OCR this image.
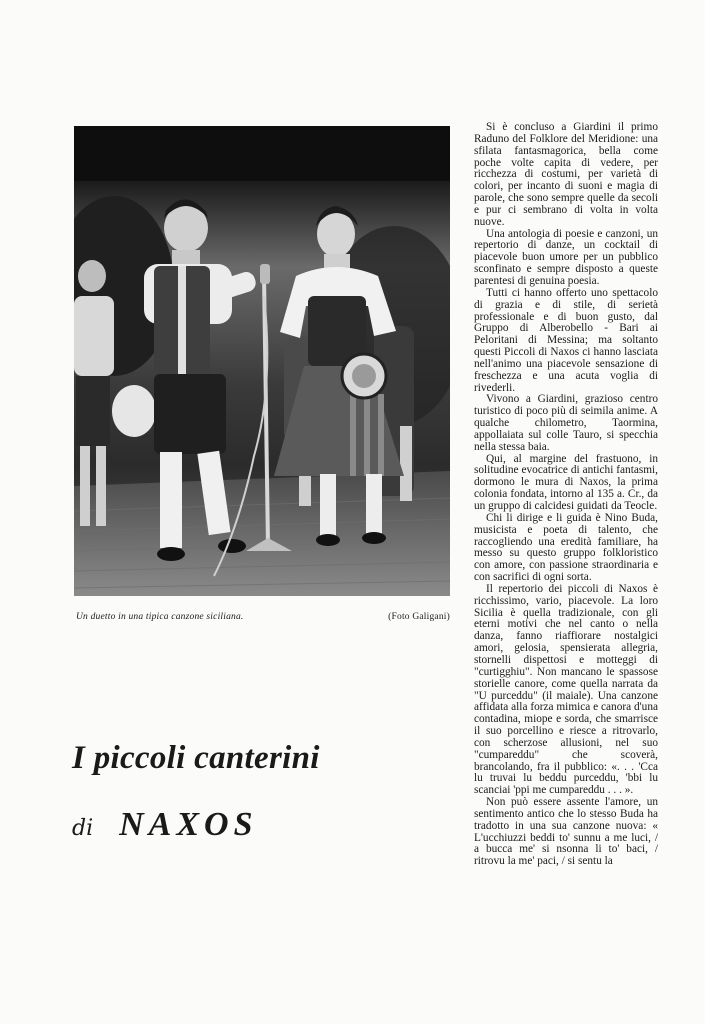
Un duetto in una tipica canzone siciliana.	(Foto Galigani)
I piccoli canterini
di NAXOS

Si è concluso a Giardini il primo Raduno del Folklore del Meridione: una sfilata fantasmagorica, bella come poche volte capita di vedere, per ricchezza di costumi, per varietà di colori, per incanto di suoni e magia di parole, che sono sempre quelle da secoli e pur ci sembrano di volta in volta nuove.

Una antologia di poesie e canzoni, un repertorio di danze, un cocktail di piacevole buon umore per un pubblico sconfinato e sempre disposto a queste parentesi di genuina poesia.

Tutti ci hanno offerto uno spettacolo di grazia e di stile, di serietà professionale e di buon gusto, dal Gruppo di Alberobello - Bari ai Peloritani di Messina; ma soltanto questi Piccoli di Naxos ci hanno lasciata nell'animo una piacevole sensazione di freschezza e una acuta voglia di rivederli.

Vivono a Giardini, grazioso centro turistico di poco più di seimila anime. A qualche chilometro, Taormina, appollaiata sul colle Tauro, si specchia nella stessa baia.

Qui, al margine del frastuono, in solitudine evocatrice di antichi fantasmi, dormono le mura di Naxos, la prima colonia fondata, intorno al 135 a. Cr., da un gruppo di calcidesi guidati da Teocle.

Chi li dirige e li guida è Nino Buda, musicista e poeta di talento, che raccogliendo una eredità familiare, ha messo su questo gruppo folkloristico con amore, con passione straordinaria e con sacrifici di ogni sorta.

Il repertorio dei piccoli di Naxos è ricchissimo, vario, piacevole. La loro Sicilia è quella tradizionale, con gli eterni motivi che nel canto o nella danza, fanno riaffiorare nostalgici amori, gelosia, spensierata allegria, stornelli dispettosi e motteggi di "curtigghiu". Non mancano le spassose storielle canore, come quella narrata da "U purceddu" (il maiale). Una canzone affidata alla forza mimica e canora d'una contadina, miope e sorda, che smarrisce il suo porcellino e riesce a ritrovarlo, con scherzose allusioni, nel suo "cumpareddu" che scoverà, brancolando, fra il pubblico: «. . . 'Cca lu truvai lu beddu purceddu, 'bbi lu scanciai 'ppi me cumpareddu . . . ».

Non può essere assente l'amore, un sentimento antico che lo stesso Buda ha tradotto in una sua canzone nuova: « L'ucchiuzzi beddi to' sunnu a me luci, / a bucca me' si nsonna li to' baci, / ritrovu la me' paci, / si sentu la
